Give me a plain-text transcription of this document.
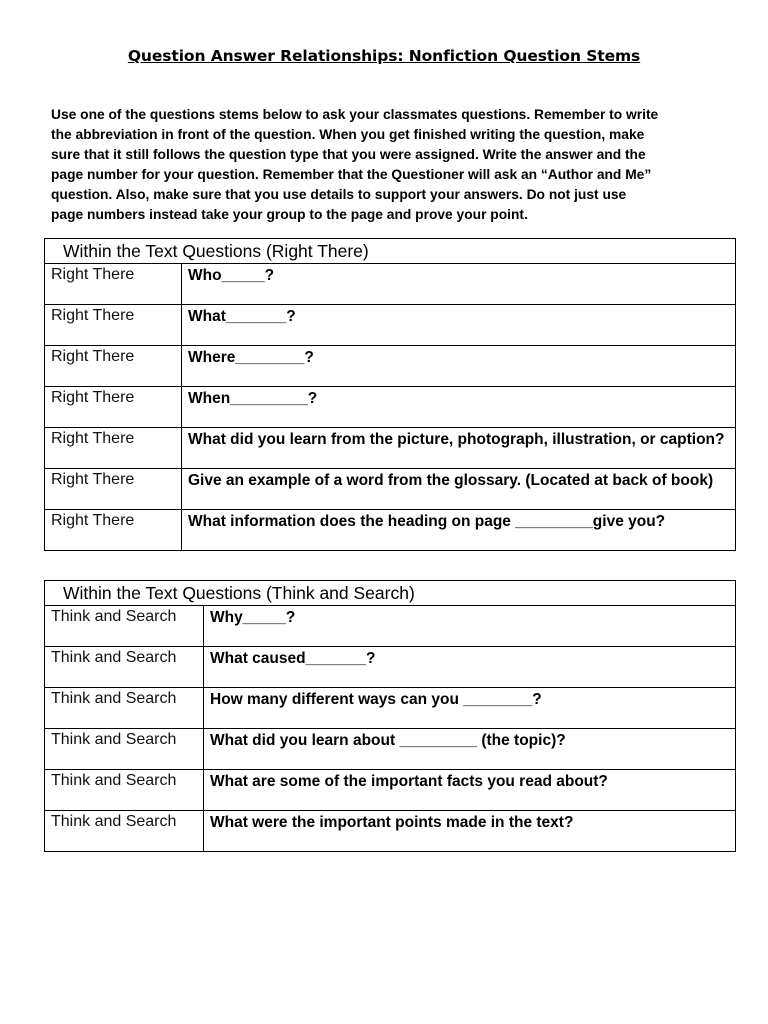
Question Answer Relationships: Nonfiction Question Stems
Use one of the questions stems below to ask your classmates questions. Remember to write
the abbreviation in front of the question. When you get finished writing the question, make
sure that it still follows the question type that you were assigned. Write the answer and the
page number for your question. Remember that the Questioner will ask an “Author and Me”
question. Also, make sure that you use details to support your answers. Do not just use
page numbers instead take your group to the page and prove your point.
Within the Text Questions (Right There)	
Right There	Who_____?
Right There	What_______?
Right There	Where________?
Right There	When_________?
Right There	What did you learn from the picture, photograph, illustration, or caption?
Right There	Give an example of a word from the glossary. (Located at back of book)
Right There	What information does the heading on page _________give you?
Within the Text Questions (Think and Search)	
Think and Search	Why_____?
Think and Search	What caused_______?
Think and Search	How many different ways can you ________?
Think and Search	What did you learn about _________ (the topic)?
Think and Search	What are some of the important facts you read about?
Think and Search	What were the important points made in the text?
